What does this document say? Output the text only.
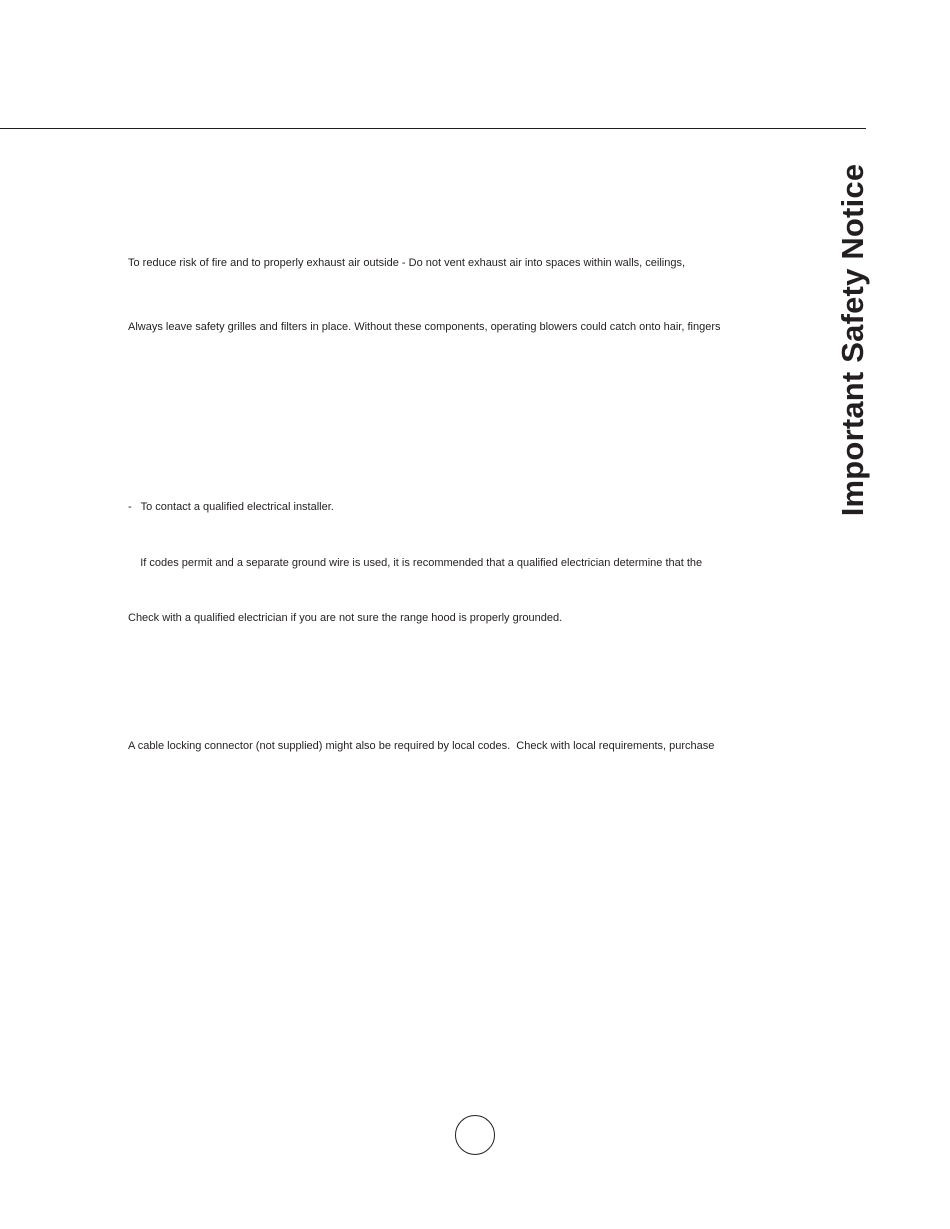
Important Safety Notice
To reduce risk of fire and to properly exhaust air outside - Do not vent exhaust air into spaces within walls, ceilings,
Always leave safety grilles and filters in place. Without these components, operating blowers could catch onto hair, fingers
-   To contact a qualified electrical installer.
If codes permit and a separate ground wire is used, it is recommended that a qualified electrician determine that the
Check with a qualified electrician if you are not sure the range hood is properly grounded.
A cable locking connector (not supplied) might also be required by local codes.  Check with local requirements, purchase
